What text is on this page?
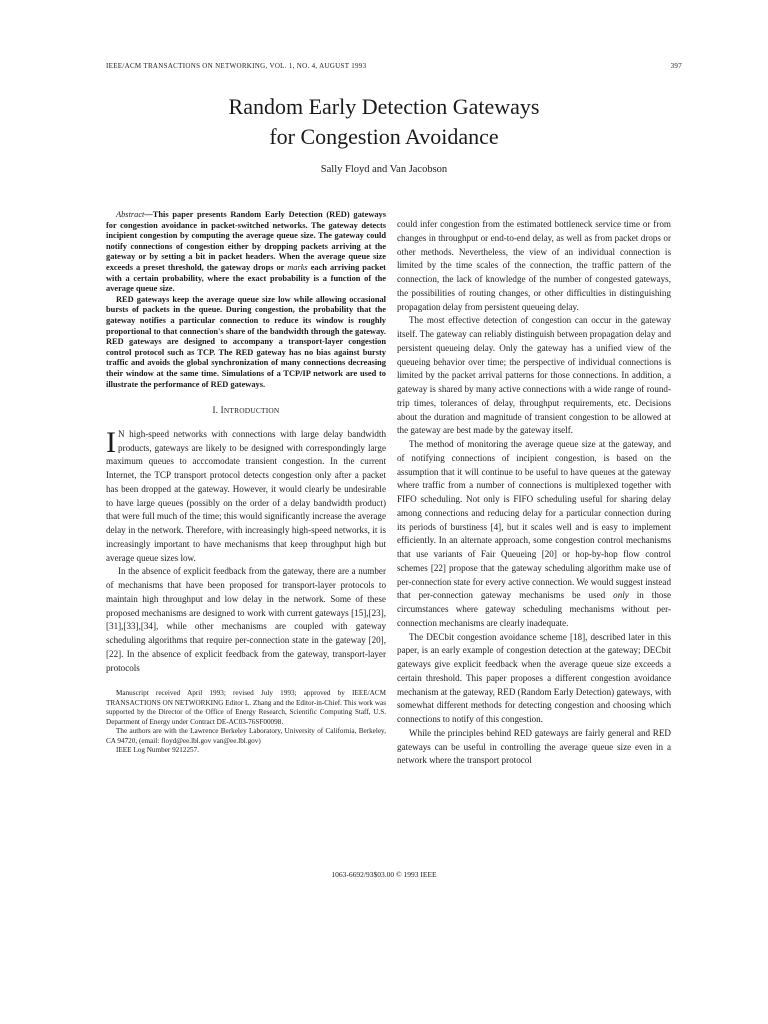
IEEE/ACM TRANSACTIONS ON NETWORKING, VOL. 1, NO. 4, AUGUST 1993	397
Random Early Detection Gateways
for Congestion Avoidance
Sally Floyd and Van Jacobson

Abstract—This paper presents Random Early Detection (RED) gateways for congestion avoidance in packet-switched networks. The gateway detects incipient congestion by computing the average queue size. The gateway could notify connections of congestion either by dropping packets arriving at the gateway or by setting a bit in packet headers. When the average queue size exceeds a preset threshold, the gateway drops or marks each arriving packet with a certain probability, where the exact probability is a function of the average queue size.

RED gateways keep the average queue size low while allowing occasional bursts of packets in the queue. During congestion, the probability that the gateway notifies a particular connection to reduce its window is roughly proportional to that connection's share of the bandwidth through the gateway. RED gateways are designed to accompany a transport-layer congestion control protocol such as TCP. The RED gateway has no bias against bursty traffic and avoids the global synchronization of many connections decreasing their window at the same time. Simulations of a TCP/IP network are used to illustrate the performance of RED gateways.

I. INTRODUCTION

I N high-speed networks with connections with large delay bandwidth products, gateways are likely to be designed with correspondingly large maximum queues to acccomodate transient congestion. In the current Internet, the TCP transport protocol detects congestion only after a packet has been dropped at the gateway. However, it would clearly be undesirable to have large queues (possibly on the order of a delay bandwidth product) that were full much of the time; this would significantly increase the average delay in the network. Therefore, with increasingly high-speed networks, it is increasingly important to have mechanisms that keep throughput high but average queue sizes low.

In the absence of explicit feedback from the gateway, there are a number of mechanisms that have been proposed for transport-layer protocols to maintain high throughput and low delay in the network. Some of these proposed mechanisms are designed to work with current gateways [15],[23],[31],[33],[34], while other mechanisms are coupled with gateway scheduling algorithms that require per-connection state in the gateway [20],[22]. In the absence of explicit feedback from the gateway, transport-layer protocols

Manuscript received April 1993; revised July 1993; approved by IEEE/ACM TRANSACTIONS ON NETWORKING Editor L. Zhang and the Editor-in-Chief. This work was supported by the Director of the Office of Energy Research, Scientific Computing Staff, U.S. Department of Energy under Contract DE-AC03-76SF00098.

The authors are with the Lawrence Berkeley Laboratory, University of California, Berkeley, CA 94720, (email: floyd@ee.lbl.gov van@ee.lbl.gov)

IEEE Log Number 9212257.

could infer congestion from the estimated bottleneck service time or from changes in throughput or end-to-end delay, as well as from packet drops or other methods. Nevertheless, the view of an individual connection is limited by the time scales of the connection, the traffic pattern of the connection, the lack of knowledge of the number of congested gateways, the possibilities of routing changes, or other difficulties in distinguishing propagation delay from persistent queueing delay.

The most effective detection of congestion can occur in the gateway itself. The gateway can reliably distinguish between propagation delay and persistent queueing delay. Only the gateway has a unified view of the queueing behavior over time; the perspective of individual connections is limited by the packet arrival patterns for those connections. In addition, a gateway is shared by many active connections with a wide range of round-trip times, tolerances of delay, throughput requirements, etc. Decisions about the duration and magnitude of transient congestion to be allowed at the gateway are best made by the gateway itself.

The method of monitoring the average queue size at the gateway, and of notifying connections of incipient congestion, is based on the assumption that it will continue to be useful to have queues at the gateway where traffic from a number of connections is multiplexed together with FIFO scheduling. Not only is FIFO scheduling useful for sharing delay among connections and reducing delay for a particular connection during its periods of burstiness [4], but it scales well and is easy to implement efficiently. In an alternate approach, some congestion control mechanisms that use variants of Fair Queueing [20] or hop-by-hop flow control schemes [22] propose that the gateway scheduling algorithm make use of per-connection state for every active connection. We would suggest instead that per-connection gateway mechanisms be used only in those circumstances where gateway scheduling mechanisms without per-connection mechanisms are clearly inadequate.

The DECbit congestion avoidance scheme [18], described later in this paper, is an early example of congestion detection at the gateway; DECbit gateways give explicit feedback when the average queue size exceeds a certain threshold. This paper proposes a different congestion avoidance mechanism at the gateway, RED (Random Early Detection) gateways, with somewhat different methods for detecting congestion and choosing which connections to notify of this congestion.

While the principles behind RED gateways are fairly general and RED gateways can be useful in controlling the average queue size even in a network where the transport protocol

1063-6692/93$03.00 © 1993 IEEE
